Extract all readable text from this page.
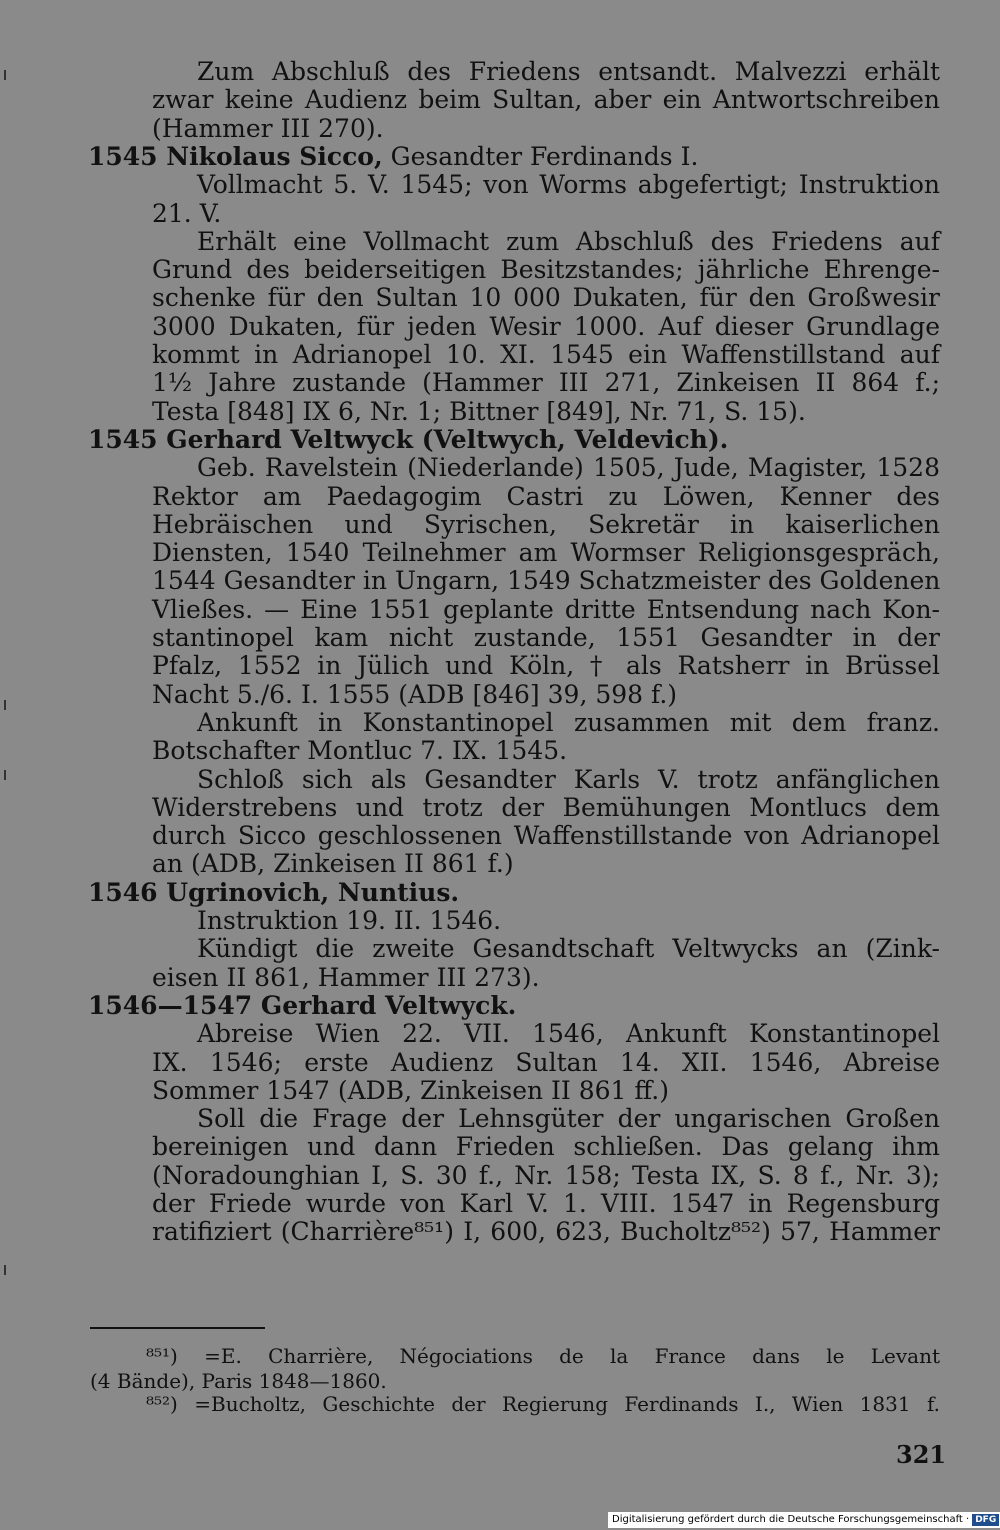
Zum Abschluß des Friedens entsandt. Malvezzi erhält
zwar keine Audienz beim Sultan, aber ein Antwortschreiben
(Hammer III 270).
1545 Nikolaus Sicco, Gesandter Ferdinands I.
Vollmacht 5. V. 1545; von Worms abgefertigt; Instruktion
21. V.
Erhält eine Vollmacht zum Abschluß des Friedens auf
Grund des beiderseitigen Besitzstandes; jährliche Ehrenge-
schenke für den Sultan 10 000 Dukaten, für den Großwesir
3000 Dukaten, für jeden Wesir 1000. Auf dieser Grundlage
kommt in Adrianopel 10. XI. 1545 ein Waffenstillstand auf
1½ Jahre zustande (Hammer III 271, Zinkeisen II 864 f.;
Testa [848] IX 6, Nr. 1; Bittner [849], Nr. 71, S. 15).
1545 Gerhard Veltwyck (Veltwych, Veldevich).
Geb. Ravelstein (Niederlande) 1505, Jude, Magister, 1528
Rektor am Paedagogim Castri zu Löwen, Kenner des
Hebräischen und Syrischen, Sekretär in kaiserlichen
Diensten, 1540 Teilnehmer am Wormser Religionsgespräch,
1544 Gesandter in Ungarn, 1549 Schatzmeister des Goldenen
Vließes. — Eine 1551 geplante dritte Entsendung nach Kon-
stantinopel kam nicht zustande, 1551 Gesandter in der
Pfalz, 1552 in Jülich und Köln, † als Ratsherr in Brüssel
Nacht 5./6. I. 1555 (ADB [846] 39, 598 f.)
Ankunft in Konstantinopel zusammen mit dem franz.
Botschafter Montluc 7. IX. 1545.
Schloß sich als Gesandter Karls V. trotz anfänglichen
Widerstrebens und trotz der Bemühungen Montlucs dem
durch Sicco geschlossenen Waffenstillstande von Adrianopel
an (ADB, Zinkeisen II 861 f.)
1546 Ugrinovich, Nuntius.
Instruktion 19. II. 1546.
Kündigt die zweite Gesandtschaft Veltwycks an (Zink-
eisen II 861, Hammer III 273).
1546—1547 Gerhard Veltwyck.
Abreise Wien 22. VII. 1546, Ankunft Konstantinopel
IX. 1546; erste Audienz Sultan 14. XII. 1546, Abreise
Sommer 1547 (ADB, Zinkeisen II 861 ff.)
Soll die Frage der Lehnsgüter der ungarischen Großen
bereinigen und dann Frieden schließen. Das gelang ihm
(Noradounghian I, S. 30 f., Nr. 158; Testa IX, S. 8 f., Nr. 3);
der Friede wurde von Karl V. 1. VIII. 1547 in Regensburg
ratifiziert (Charrière⁸⁵¹) I, 600, 623, Bucholtz⁸⁵²) 57, Hammer
⁸⁵¹) =E. Charrière, Négociations de la France dans le Levant
(4 Bände), Paris 1848—1860.
⁸⁵²) =Bucholtz, Geschichte der Regierung Ferdinands I., Wien 1831 f.
321
Digitalisierung gefördert durch die Deutsche Forschungsgemeinschaft · DFG
